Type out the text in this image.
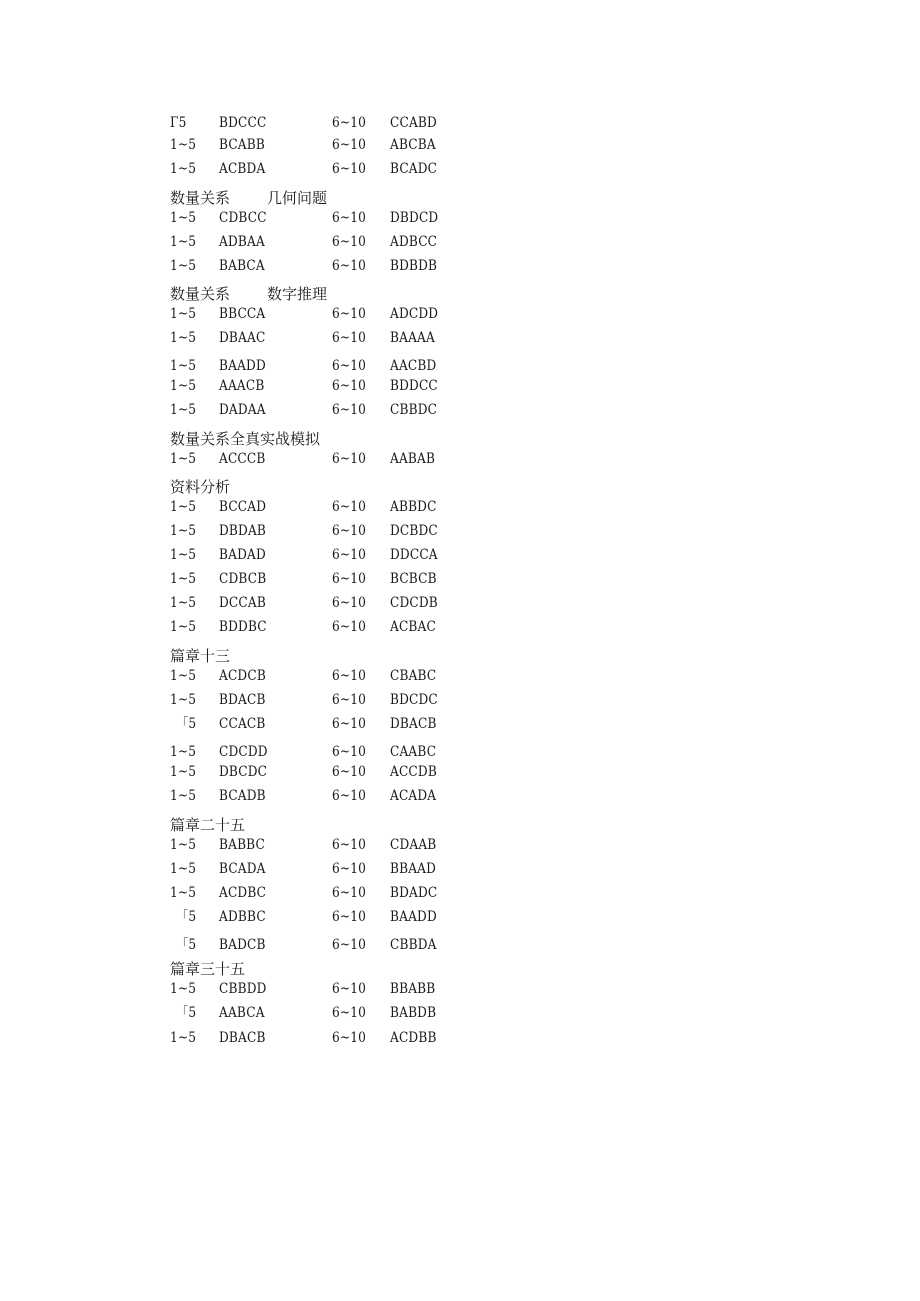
Γ5 BDCCC	6~10 CCABD
1~5 BCABB	6~10 ABCBA
1~5 ACBDA	6~10 BCADC
数量关系 几何问题
1~5 CDBCC	6~10 DBDCD
1~5 ADBAA	6~10 ADBCC
1~5 BABCA	6~10 BDBDB
数量关系 数字推理
1~5 BBCCA	6~10 ADCDD
1~5 DBAAC	6~10 BAAAA
1~5 BAADD	6~10 AACBD
1~5 AAACB	6~10 BDDCC
1~5 DADAA	6~10 CBBDC
数量关系全真实战模拟
1~5 ACCCB	6~10 AABAB
资料分析
1~5 BCCAD	6~10 ABBDC
1~5 DBDAB	6~10 DCBDC
1~5 BADAD	6~10 DDCCA
1~5 CDBCB	6~10 BCBCB
1~5 DCCAB	6~10 CDCDB
1~5 BDDBC	6~10 ACBAC
篇章十三
1~5 ACDCB	6~10 CBABC
1~5 BDACB	6~10 BDCDC
「5 CCACB	6~10 DBACB
1~5 CDCDD	6~10 CAABC
1~5 DBCDC	6~10 ACCDB
1~5 BCADB	6~10 ACADA
篇章二十五
1~5 BABBC	6~10 CDAAB
1~5 BCADA	6~10 BBAAD
1~5 ACDBC	6~10 BDADC
「5 ADBBC	6~10 BAADD
「5 BADCB	6~10 CBBDA
篇章三十五
1~5 CBBDD	6~10 BBABB
「5 AABCA	6~10 BABDB
1~5 DBACB	6~10 ACDBB
